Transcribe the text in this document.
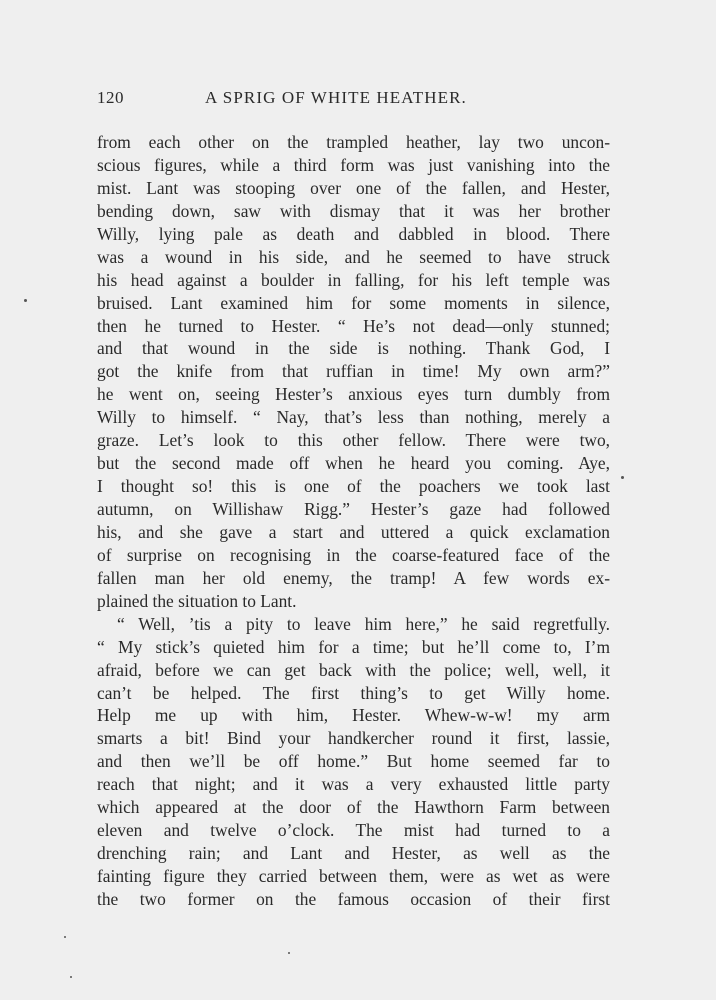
120	A SPRIG OF WHITE HEATHER.
from each other on the trampled heather, lay two uncon-
scious figures, while a third form was just vanishing into the
mist. Lant was stooping over one of the fallen, and Hester,
bending down, saw with dismay that it was her brother
Willy, lying pale as death and dabbled in blood. There
was a wound in his side, and he seemed to have struck
his head against a boulder in falling, for his left temple was
bruised. Lant examined him for some moments in silence,
then he turned to Hester. “ He’s not dead—only stunned;
and that wound in the side is nothing. Thank God, I
got the knife from that ruffian in time! My own arm?”
he went on, seeing Hester’s anxious eyes turn dumbly from
Willy to himself. “ Nay, that’s less than nothing, merely a
graze. Let’s look to this other fellow. There were two,
but the second made off when he heard you coming. Aye,
I thought so! this is one of the poachers we took last
autumn, on Willishaw Rigg.” Hester’s gaze had followed
his, and she gave a start and uttered a quick exclamation
of surprise on recognising in the coarse-featured face of the
fallen man her old enemy, the tramp! A few words ex-
plained the situation to Lant.
“ Well, ’tis a pity to leave him here,” he said regretfully.
“ My stick’s quieted him for a time; but he’ll come to, I’m
afraid, before we can get back with the police; well, well, it
can’t be helped. The first thing’s to get Willy home.
Help me up with him, Hester. Whew-w-w! my arm
smarts a bit! Bind your handkercher round it first, lassie,
and then we’ll be off home.” But home seemed far to
reach that night; and it was a very exhausted little party
which appeared at the door of the Hawthorn Farm between
eleven and twelve o’clock. The mist had turned to a
drenching rain; and Lant and Hester, as well as the
fainting figure they carried between them, were as wet as were
the two former on the famous occasion of their first
